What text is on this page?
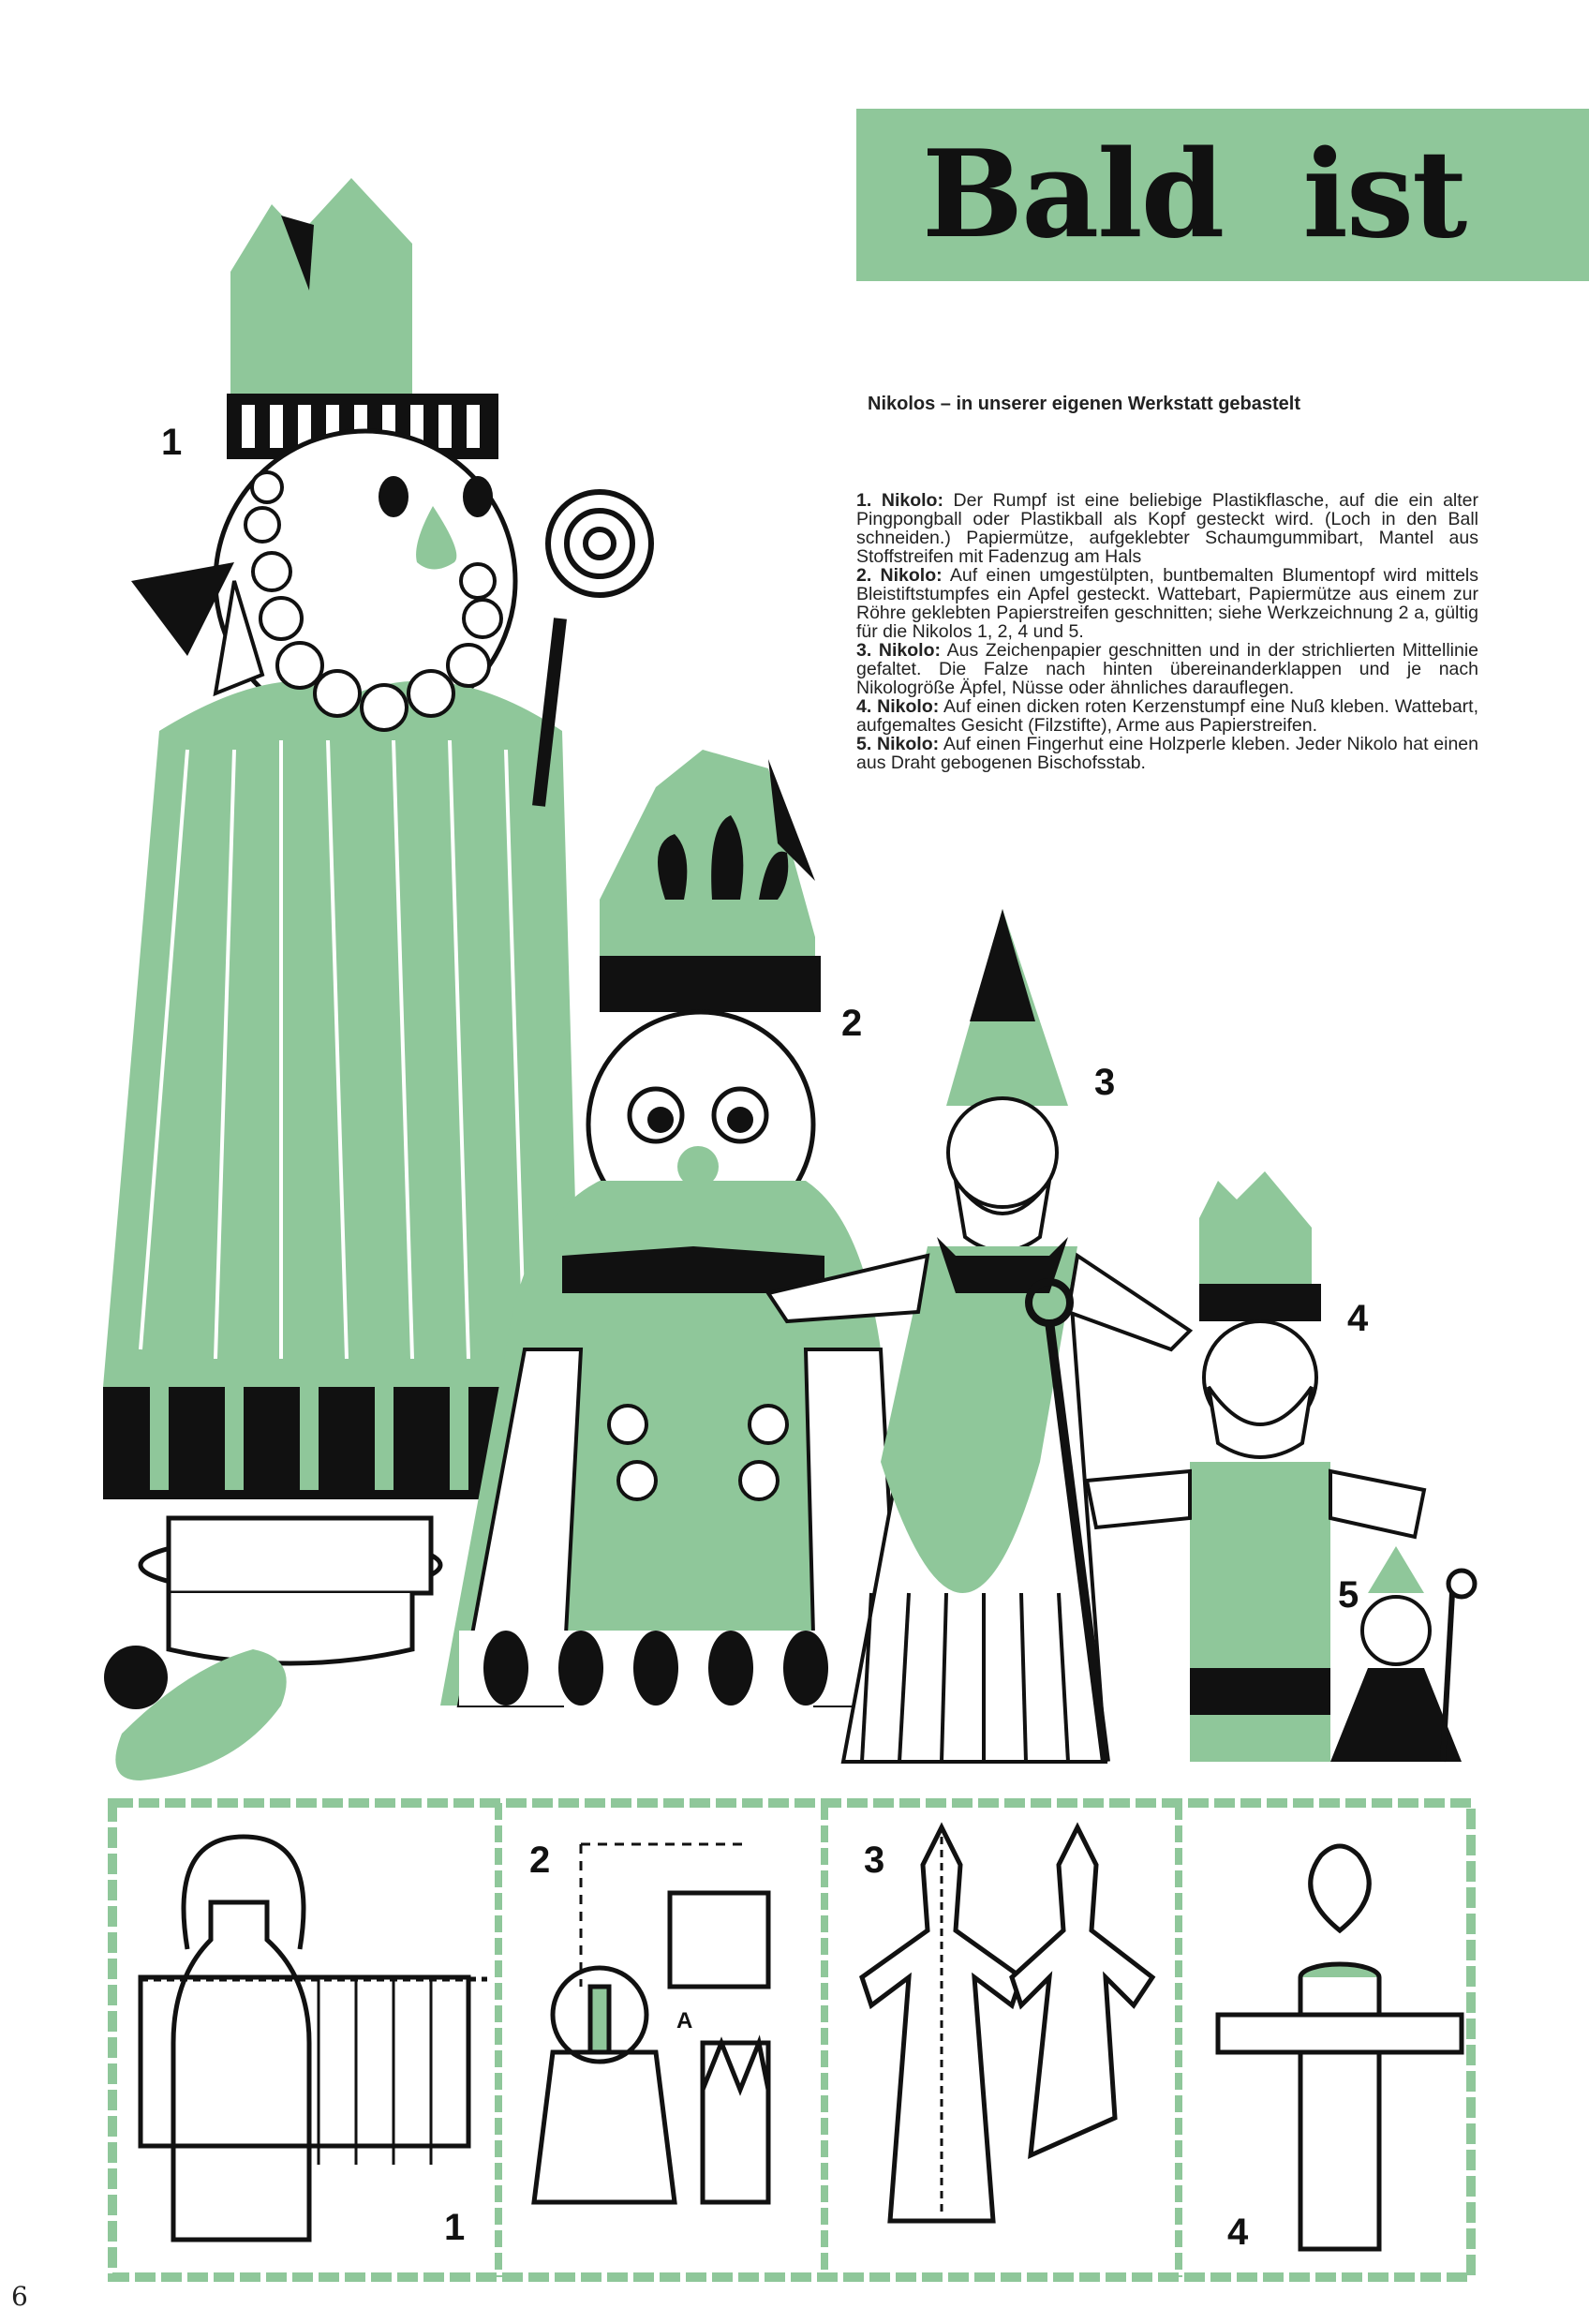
Bald  ist
Nikolos – in unserer eigenen Werkstatt gebastelt

1. Nikolo: Der Rumpf ist eine beliebige Plastikflasche, auf die ein alter Pingpongball oder Plastikball als Kopf gesteckt wird. (Loch in den Ball schneiden.) Papiermütze, aufgeklebter Schaumgummibart, Mantel aus Stoffstreifen mit Fadenzug am Hals

2. Nikolo: Auf einen umgestülpten, buntbemalten Blumentopf wird mittels Bleistiftstumpfes ein Apfel gesteckt. Wattebart, Papiermütze aus einem zur Röhre geklebten Papierstreifen geschnitten; siehe Werkzeichnung 2 a, gültig für die Nikolos 1, 2, 4 und 5.

3. Nikolo: Aus Zeichenpapier geschnitten und in der strichlierten Mittellinie gefaltet. Die Falze nach hinten übereinanderklappen und je nach Nikologröße Äpfel, Nüsse oder ähnliches darauflegen.

4. Nikolo: Auf einen dicken roten Kerzenstumpf eine Nuß kleben. Wattebart, aufgemaltes Gesicht (Filzstifte), Arme aus Papierstreifen.

5. Nikolo: Auf einen Fingerhut eine Holzperle kleben. Jeder Nikolo hat einen aus Draht gebogenen Bischofsstab.

1
2
3
4
5
1
2
A
3
4
6
